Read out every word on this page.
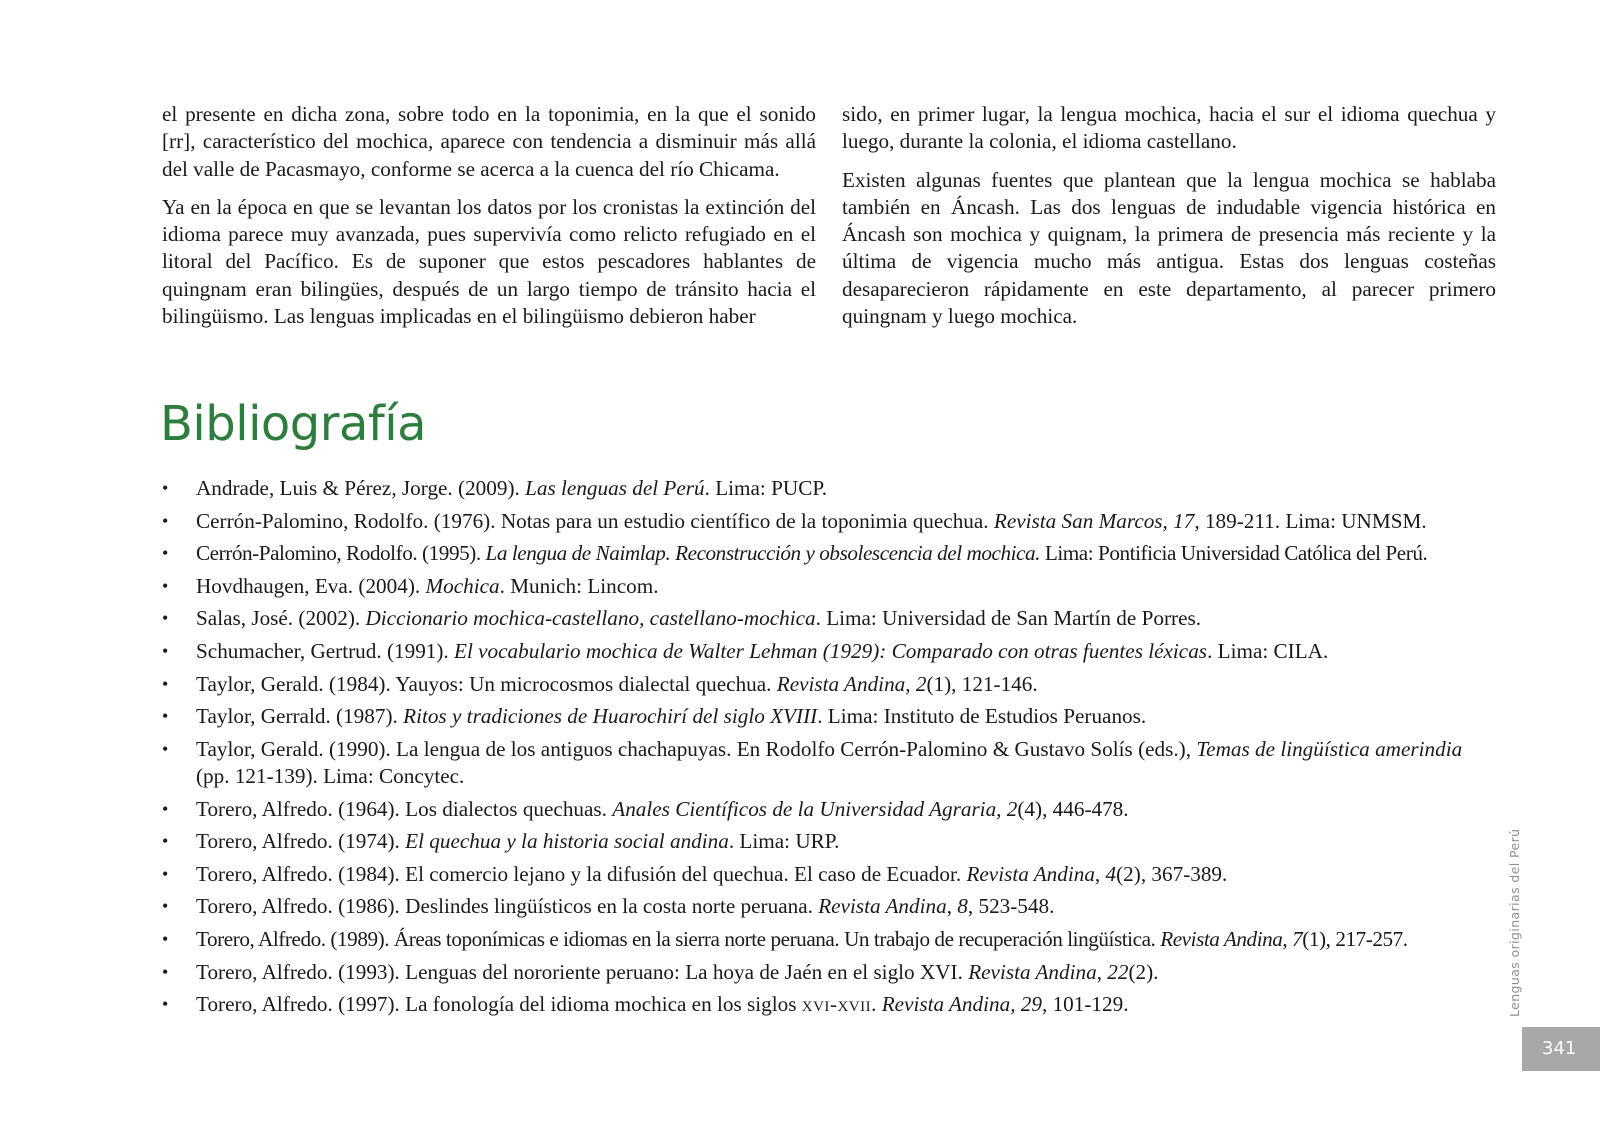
el presente en dicha zona, sobre todo en la toponimia, en la que el sonido [rr], característico del mochica, aparece con tendencia a disminuir más allá del valle de Pacasmayo, conforme se acerca a la cuenca del río Chicama.

Ya en la época en que se levantan los datos por los cronistas la extinción del idioma parece muy avanzada, pues supervivía como relicto refugiado en el litoral del Pacífico. Es de suponer que estos pescadores hablantes de quingnam eran bilingües, después de un largo tiempo de tránsito hacia el bilingüismo. Las lenguas implicadas en el bilingüismo debieron haber

sido, en primer lugar, la lengua mochica, hacia el sur el idioma quechua y luego, durante la colonia, el idioma castellano.

Existen algunas fuentes que plantean que la lengua mochica se hablaba también en Áncash. Las dos lenguas de indudable vigencia histórica en Áncash son mochica y quignam, la primera de presencia más reciente y la última de vigencia mucho más antigua. Estas dos lenguas costeñas desaparecieron rápidamente en este departamento, al parecer primero quingnam y luego mochica.

Bibliografía
• Andrade, Luis & Pérez, Jorge. (2009). Las lenguas del Perú. Lima: PUCP.
• Cerrón-Palomino, Rodolfo. (1976). Notas para un estudio científico de la toponimia quechua. Revista San Marcos, 17, 189-211. Lima: UNMSM.
• Cerrón-Palomino, Rodolfo. (1995). La lengua de Naimlap. Reconstrucción y obsolescencia del mochica. Lima: Pontificia Universidad Católica del Perú.
• Hovdhaugen, Eva. (2004). Mochica. Munich: Lincom.
• Salas, José. (2002). Diccionario mochica-castellano, castellano-mochica. Lima: Universidad de San Martín de Porres.
• Schumacher, Gertrud. (1991). El vocabulario mochica de Walter Lehman (1929): Comparado con otras fuentes léxicas. Lima: CILA.
• Taylor, Gerald. (1984). Yauyos: Un microcosmos dialectal quechua. Revista Andina, 2(1), 121-146.
• Taylor, Gerrald. (1987). Ritos y tradiciones de Huarochirí del siglo XVIII. Lima: Instituto de Estudios Peruanos.
• Taylor, Gerald. (1990). La lengua de los antiguos chachapuyas. En Rodolfo Cerrón-Palomino & Gustavo Solís (eds.), Temas de lingüística amerindia (pp. 121-139). Lima: Concytec.
• Torero, Alfredo. (1964). Los dialectos quechuas. Anales Científicos de la Universidad Agraria, 2(4), 446-478.
• Torero, Alfredo. (1974). El quechua y la historia social andina. Lima: URP.
• Torero, Alfredo. (1984). El comercio lejano y la difusión del quechua. El caso de Ecuador. Revista Andina, 4(2), 367-389.
• Torero, Alfredo. (1986). Deslindes lingüísticos en la costa norte peruana. Revista Andina, 8, 523-548.
• Torero, Alfredo. (1989). Áreas toponímicas e idiomas en la sierra norte peruana. Un trabajo de recuperación lingüística. Revista Andina, 7(1), 217-257.
• Torero, Alfredo. (1993). Lenguas del nororiente peruano: La hoya de Jaén en el siglo XVI. Revista Andina, 22(2).
• Torero, Alfredo. (1997). La fonología del idioma mochica en los siglos xvi-xvii. Revista Andina, 29, 101-129.	Lenguas originarias del Perú
341
